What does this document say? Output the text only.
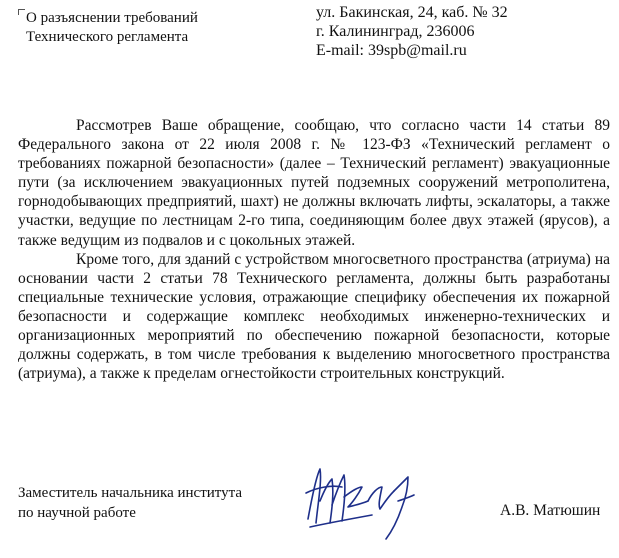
О разъяснении требований
Технического регламента
ул. Бакинская, 24, каб. № 32
г. Калининград, 236006
E-mail: 39spb@mail.ru

Рассмотрев Ваше обращение, сообщаю, что согласно части 14 статьи 89 Федерального закона от 22 июля 2008 г. № 123-ФЗ «Технический регламент о требованиях пожарной безопасности» (далее – Технический регламент) эвакуационные пути (за исключением эвакуационных путей подземных сооружений метрополитена, горнодобывающих предприятий, шахт) не должны включать лифты, эскалаторы, а также участки, ведущие по лестницам 2-го типа, соединяющим более двух этажей (ярусов), а также ведущим из подвалов и с цокольных этажей.

Кроме того, для зданий с устройством многосветного пространства (атриума) на основании части 2 статьи 78 Технического регламента, должны быть разработаны специальные технические условия, отражающие специфику обеспечения их пожарной безопасности и содержащие комплекс необходимых инженерно-технических и организационных мероприятий по обеспечению пожарной безопасности, которые должны содержать, в том числе требования к выделению многосветного пространства (атриума), а также к пределам огнестойкости строительных конструкций.

Заместитель начальника института
по научной работе	А.В. Матюшин
